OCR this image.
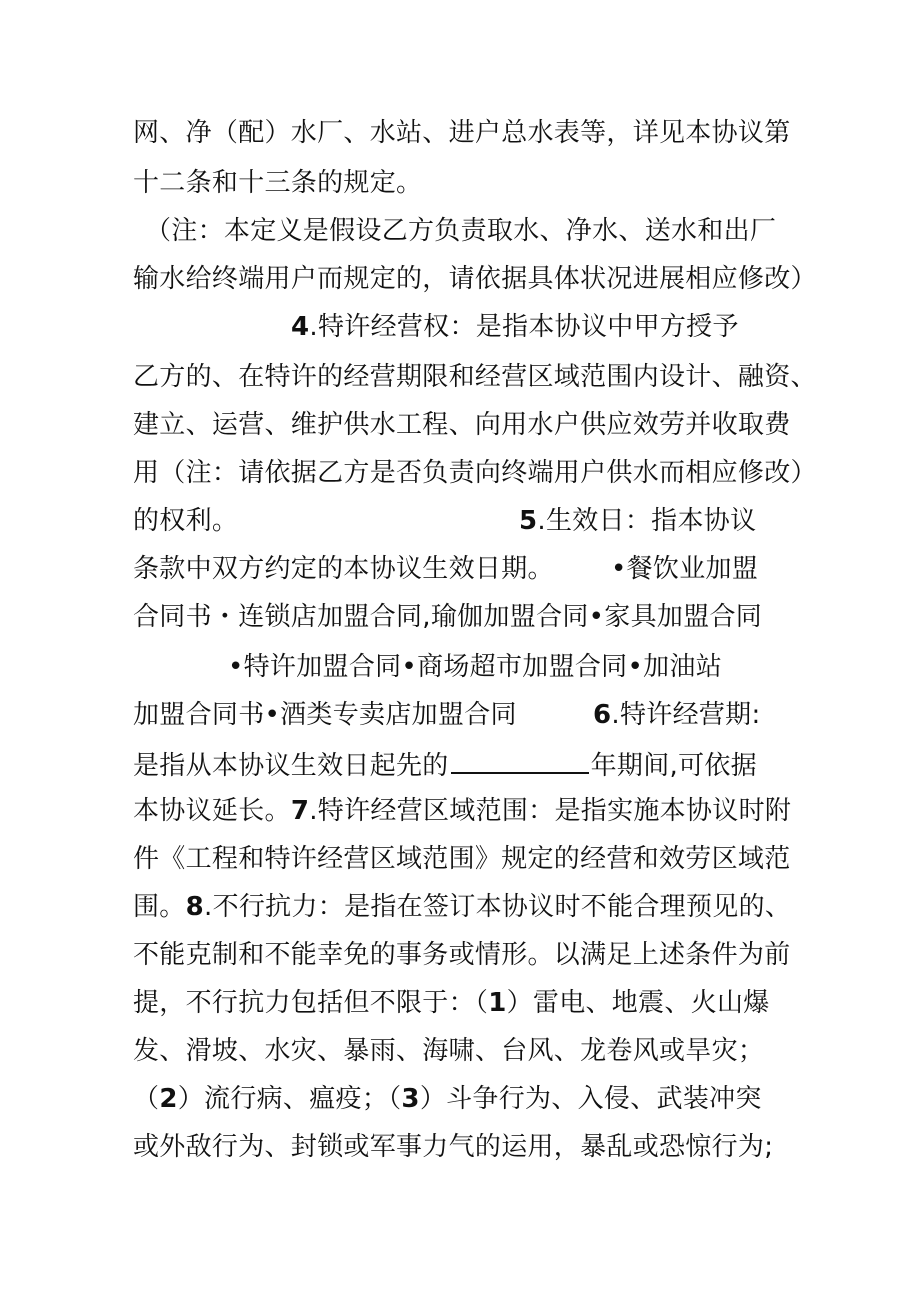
网、净（配）水厂、水站、进户总水表等，详见本协议第
十二条和十三条的规定。
（注：本定义是假设乙方负责取水、净水、送水和出厂
输水给终端用户而规定的，请依据具体状况进展相应修改）
4.特许经营权：是指本协议中甲方授予
乙方的、在特许的经营期限和经营区域范围内设计、融资、
建立、运营、维护供水工程、向用水户供应效劳并收取费
用（注：请依据乙方是否负责向终端用户供水而相应修改）
的权利。	5.生效日：指本协议
条款中双方约定的本协议生效日期。 •餐饮业加盟
合同书・连锁店加盟合同,瑜伽加盟合同•家具加盟合同
•特许加盟合同•商场超市加盟合同•加油站
加盟合同书•酒类专卖店加盟合同	6.特许经营期:
是指从本协议生效日起先的	年期间,可依据
本协议延长。7.特许经营区域范围：是指实施本协议时附
件《工程和特许经营区域范围》规定的经营和效劳区域范
围。8.不行抗力：是指在签订本协议时不能合理预见的、
不能克制和不能幸免的事务或情形。以满足上述条件为前
提，不行抗力包括但不限于：（1）雷电、地震、火山爆
发、滑坡、水灾、暴雨、海啸、台风、龙卷风或旱灾；
（2）流行病、瘟疫；（3）斗争行为、入侵、武装冲突
或外敌行为、封锁或军事力气的运用，暴乱或恐惊行为;
